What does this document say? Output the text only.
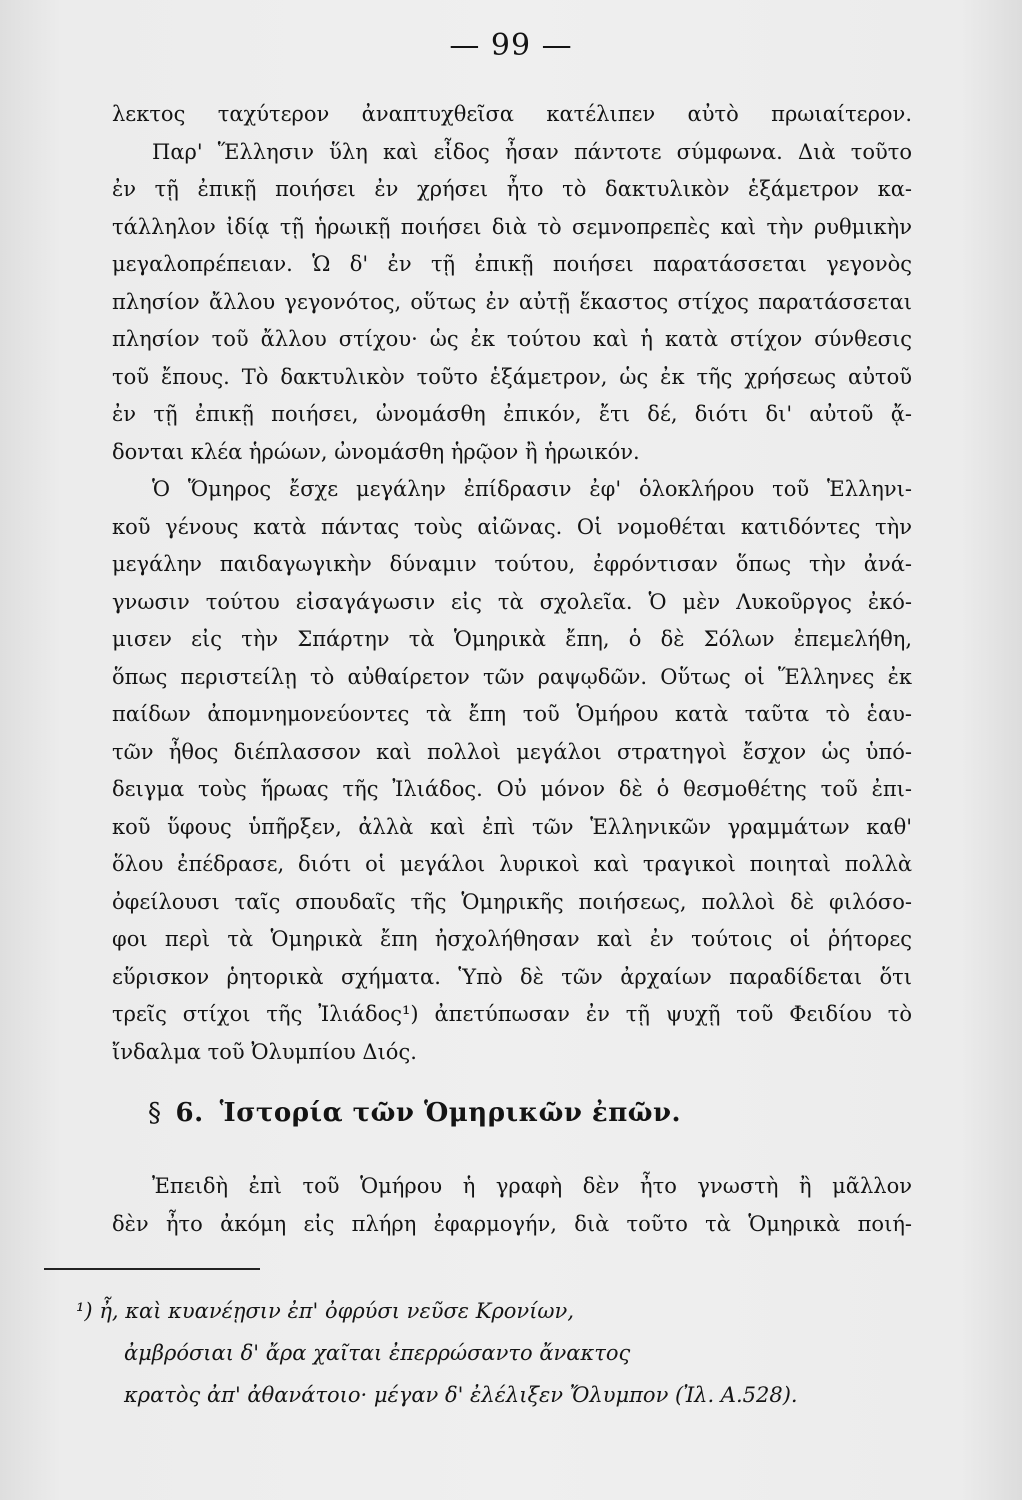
— 99 —
λεκτος ταχύτερον ἀναπτυχθεῖσα κατέλιπεν αὐτὸ πρωιαίτερον.
Παρ' Ἕλλησιν ὕλη καὶ εἶδος ἦσαν πάντοτε σύμφωνα. Διὰ τοῦτο
ἐν τῇ ἐπικῇ ποιήσει ἐν χρήσει ἦτο τὸ δακτυλικὸν ἑξάμετρον κα-
τάλληλον ἰδίᾳ τῇ ἡρωικῇ ποιήσει διὰ τὸ σεμνοπρεπὲς καὶ τὴν ρυθμικὴν
μεγαλοπρέπειαν. Ὡ δ' ἐν τῇ ἐπικῇ ποιήσει παρατάσσεται γεγονὸς
πλησίον ἄλλου γεγονότος, οὕτως ἐν αὐτῇ ἕκαστος στίχος παρατάσσεται
πλησίον τοῦ ἄλλου στίχου· ὡς ἐκ τούτου καὶ ἡ κατὰ στίχον σύνθεσις
τοῦ ἔπους. Τὸ δακτυλικὸν τοῦτο ἑξάμετρον, ὡς ἐκ τῆς χρήσεως αὐτοῦ
ἐν τῇ ἐπικῇ ποιήσει, ὠνομάσθη ἐπικόν, ἔτι δέ, διότι δι' αὐτοῦ ᾄ-
δονται κλέα ἡρώων, ὠνομάσθη ἡρῷον ἢ ἡρωικόν.
Ὁ Ὅμηρος ἔσχε μεγάλην ἐπίδρασιν ἐφ' ὁλοκλήρου τοῦ Ἑλληνι-
κοῦ γένους κατὰ πάντας τοὺς αἰῶνας. Οἱ νομοθέται κατιδόντες τὴν
μεγάλην παιδαγωγικὴν δύναμιν τούτου, ἐφρόντισαν ὅπως τὴν ἀνά-
γνωσιν τούτου εἰσαγάγωσιν εἰς τὰ σχολεῖα. Ὁ μὲν Λυκοῦργος ἐκό-
μισεν εἰς τὴν Σπάρτην τὰ Ὁμηρικὰ ἔπη, ὁ δὲ Σόλων ἐπεμελήθη,
ὅπως περιστείλῃ τὸ αὐθαίρετον τῶν ραψῳδῶν. Οὕτως οἱ Ἕλληνες ἐκ
παίδων ἀπομνημονεύοντες τὰ ἔπη τοῦ Ὁμήρου κατὰ ταῦτα τὸ ἑαυ-
τῶν ἦθος διέπλασσον καὶ πολλοὶ μεγάλοι στρατηγοὶ ἔσχον ὡς ὑπό-
δειγμα τοὺς ἥρωας τῆς Ἰλιάδος. Οὐ μόνον δὲ ὁ θεσμοθέτης τοῦ ἐπι-
κοῦ ὕφους ὑπῆρξεν, ἀλλὰ καὶ ἐπὶ τῶν Ἑλληνικῶν γραμμάτων καθ'
ὅλου ἐπέδρασε, διότι οἱ μεγάλοι λυρικοὶ καὶ τραγικοὶ ποιηταὶ πολλὰ
ὀφείλουσι ταῖς σπουδαῖς τῆς Ὁμηρικῆς ποιήσεως, πολλοὶ δὲ φιλόσο-
φοι περὶ τὰ Ὁμηρικὰ ἔπη ἠσχολήθησαν καὶ ἐν τούτοις οἱ ῥήτορες
εὕρισκον ῥητορικὰ σχήματα. Ὑπὸ δὲ τῶν ἀρχαίων παραδίδεται ὅτι
τρεῖς στίχοι τῆς Ἰλιάδος¹) ἀπετύπωσαν ἐν τῇ ψυχῇ τοῦ Φειδίου τὸ
ἴνδαλμα τοῦ Ὀλυμπίου Διός.
§ 6. Ἱστορία τῶν Ὁμηρικῶν ἐπῶν.
Ἐπειδὴ ἐπὶ τοῦ Ὁμήρου ἡ γραφὴ δὲν ἦτο γνωστὴ ἢ μᾶλλον
δὲν ἦτο ἀκόμη εἰς πλήρη ἐφαρμογήν, διὰ τοῦτο τὰ Ὁμηρικὰ ποιή-
¹) ἦ, καὶ κυανέῃσιν ἐπ' ὀφρύσι νεῦσε Κρονίων,
ἀμβρόσιαι δ' ἄρα χαῖται ἐπερρώσαντο ἄνακτος
κρατὸς ἀπ' ἀθανάτοιο· μέγαν δ' ἐλέλιξεν Ὄλυμπον (Ἰλ. Α.528).
